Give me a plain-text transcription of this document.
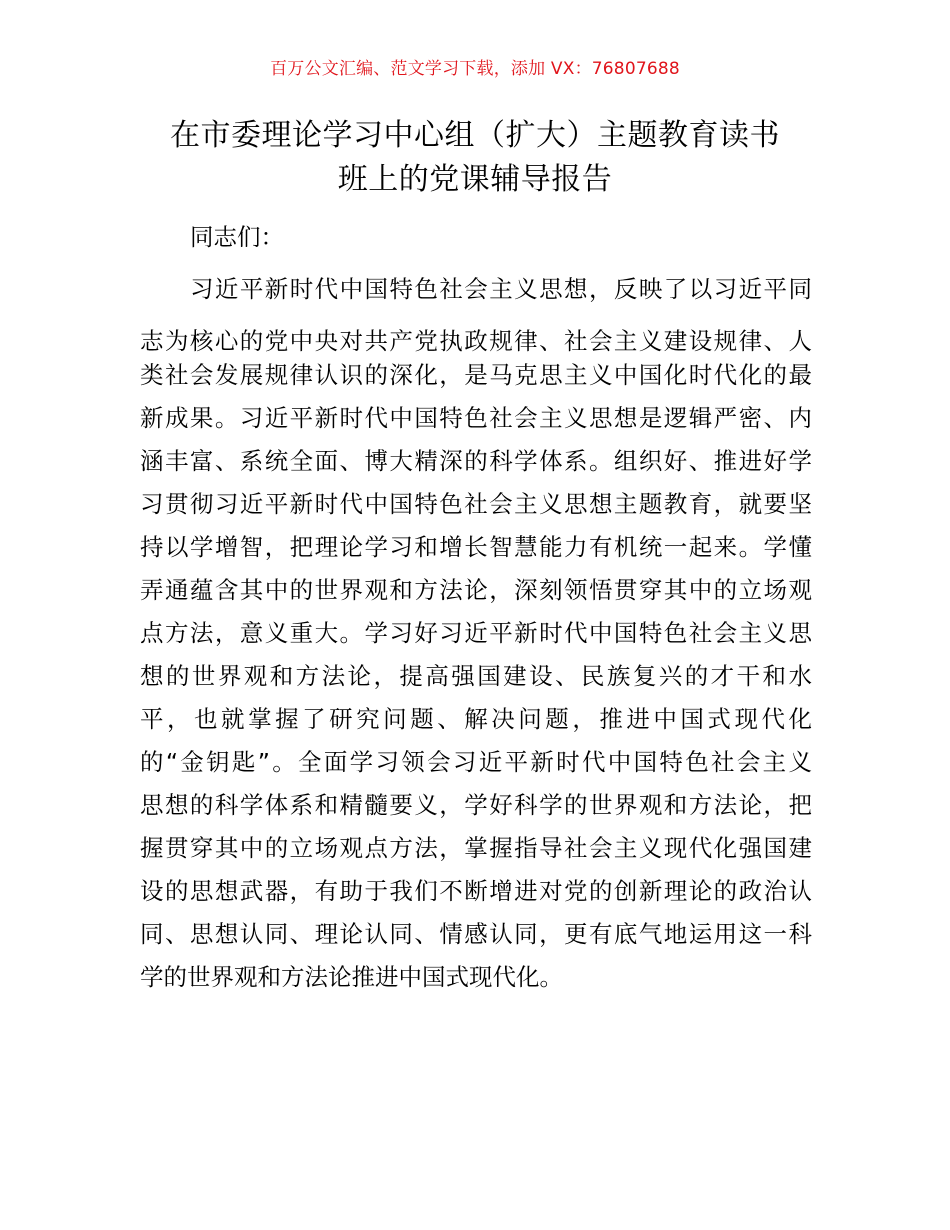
百万公文汇编、范文学习下载，添加 VX：76807688
在市委理论学习中心组（扩大）主题教育读书
班上的党课辅导报告
同志们：
习近平新时代中国特色社会主义思想，反映了以习近平同
志为核心的党中央对共产党执政规律、社会主义建设规律、人
类社会发展规律认识的深化，是马克思主义中国化时代化的最
新成果。习近平新时代中国特色社会主义思想是逻辑严密、内
涵丰富、系统全面、博大精深的科学体系。组织好、推进好学
习贯彻习近平新时代中国特色社会主义思想主题教育，就要坚
持以学增智，把理论学习和增长智慧能力有机统一起来。学懂
弄通蕴含其中的世界观和方法论，深刻领悟贯穿其中的立场观
点方法，意义重大。学习好习近平新时代中国特色社会主义思
想的世界观和方法论，提高强国建设、民族复兴的才干和水
平，也就掌握了研究问题、解决问题，推进中国式现代化
的“金钥匙”。全面学习领会习近平新时代中国特色社会主义
思想的科学体系和精髓要义，学好科学的世界观和方法论，把
握贯穿其中的立场观点方法，掌握指导社会主义现代化强国建
设的思想武器，有助于我们不断增进对党的创新理论的政治认
同、思想认同、理论认同、情感认同，更有底气地运用这一科
学的世界观和方法论推进中国式现代化。
